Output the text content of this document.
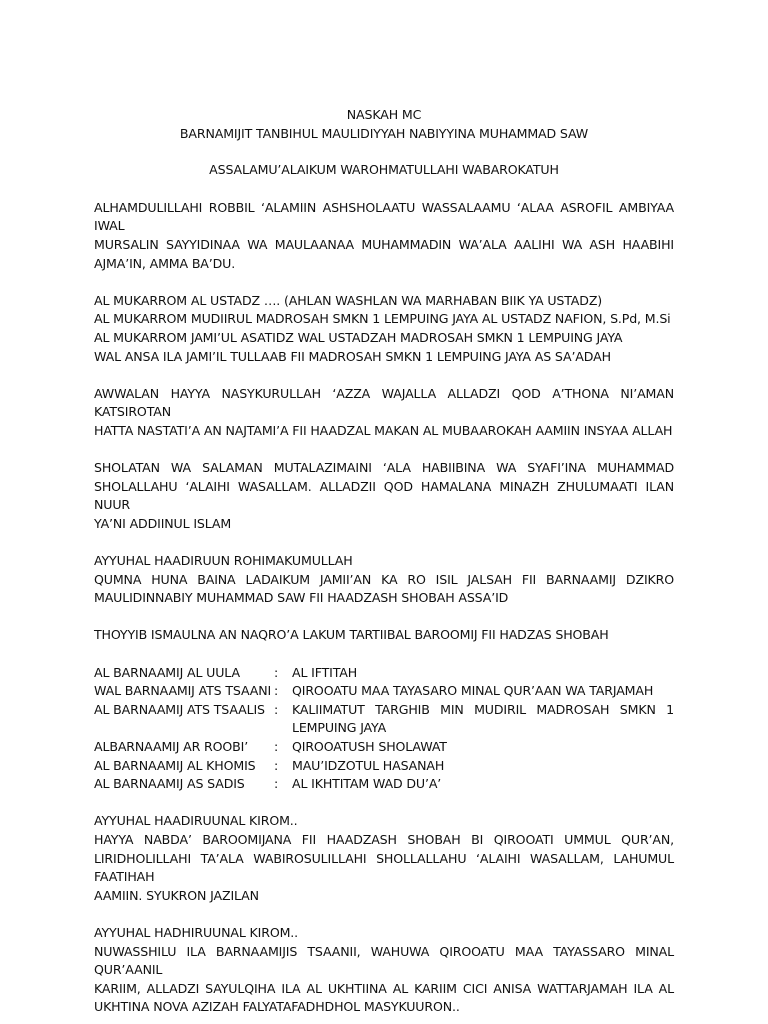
NASKAH MC
BARNAMIJIT TANBIHUL MAULIDIYYAH NABIYYINA MUHAMMAD SAW
ASSALAMU’ALAIKUM WAROHMATULLAHI WABAROKATUH
ALHAMDULILLAHI ROBBIL ‘ALAMIIN ASHSHOLAATU WASSALAAMU ‘ALAA ASROFIL AMBIYAA IWAL
MURSALIN SAYYIDINAA WA MAULAANAA MUHAMMADIN WA’ALA AALIHI WA ASH HAABIHI
AJMA’IN, AMMA BA’DU.
AL MUKARROM AL USTADZ …. (AHLAN WASHLAN WA MARHABAN BIIK YA USTADZ)
AL MUKARROM MUDIIRUL MADROSAH SMKN 1 LEMPUING JAYA AL USTADZ NAFION, S.Pd, M.Si
AL MUKARROM JAMI’UL ASATIDZ WAL USTADZAH MADROSAH SMKN 1 LEMPUING JAYA
WAL ANSA ILA JAMI’IL TULLAAB FII MADROSAH SMKN 1 LEMPUING JAYA AS SA’ADAH
AWWALAN HAYYA NASYKURULLAH ‘AZZA WAJALLA ALLADZI QOD A’THONA NI’AMAN KATSIROTAN
HATTA NASTATI’A AN NAJTAMI’A FII HAADZAL MAKAN AL MUBAAROKAH AAMIIN INSYAA ALLAH
SHOLATAN WA SALAMAN MUTALAZIMAINI ‘ALA HABIIBINA WA SYAFI’INA MUHAMMAD
SHOLALLAHU ‘ALAIHI WASALLAM. ALLADZII QOD HAMALANA MINAZH ZHULUMAATI ILAN NUUR
YA’NI ADDIINUL ISLAM
AYYUHAL HAADIRUUN ROHIMAKUMULLAH
QUMNA HUNA BAINA LADAIKUM JAMII’AN KA RO ISIL JALSAH FII BARNAAMIJ DZIKRO
MAULIDINNABIY MUHAMMAD SAW FII HAADZASH SHOBAH ASSA’ID
THOYYIB ISMAULNA AN NAQRO’A LAKUM TARTIIBAL BAROOMIJ FII HADZAS SHOBAH
AL BARNAAMIJ AL UULA	:	AL IFTITAH
WAL BARNAAMIJ ATS TSAANI :	QIROOATU MAA TAYASARO MINAL QUR’AAN WA TARJAMAH
AL BARNAAMIJ ATS TSAALIS :	KALIIMATUT TARGHIB MIN MUDIRIL MADROSAH SMKN 1
LEMPUING JAYA
ALBARNAAMIJ AR ROOBI’	:	QIROOATUSH SHOLAWAT
AL BARNAAMIJ AL KHOMIS	:	MAU’IDZOTUL HASANAH
AL BARNAAMIJ AS SADIS	:	AL IKHTITAM WAD DU’A’
AYYUHAL HAADIRUUNAL KIROM..
HAYYA NABDA’ BAROOMIJANA FII HAADZASH SHOBAH BI QIROOATI UMMUL QUR’AN,
LIRIDHOLILLAHI TA’ALA WABIROSULILLAHI SHOLLALLAHU ‘ALAIHI WASALLAM, LAHUMUL FAATIHAH
AAMIIN. SYUKRON JAZILAN
AYYUHAL HADHIRUUNAL KIROM..
NUWASSHILU ILA BARNAAMIJIS TSAANII, WAHUWA QIROOATU MAA TAYASSARO MINAL QUR’AANIL
KARIIM, ALLADZI SAYULQIHA ILA AL UKHTIINA AL KARIIM CICI ANISA WATTARJAMAH ILA AL
UKHTINA NOVA AZIZAH FALYATAFADHDHOL MASYKUURON..
